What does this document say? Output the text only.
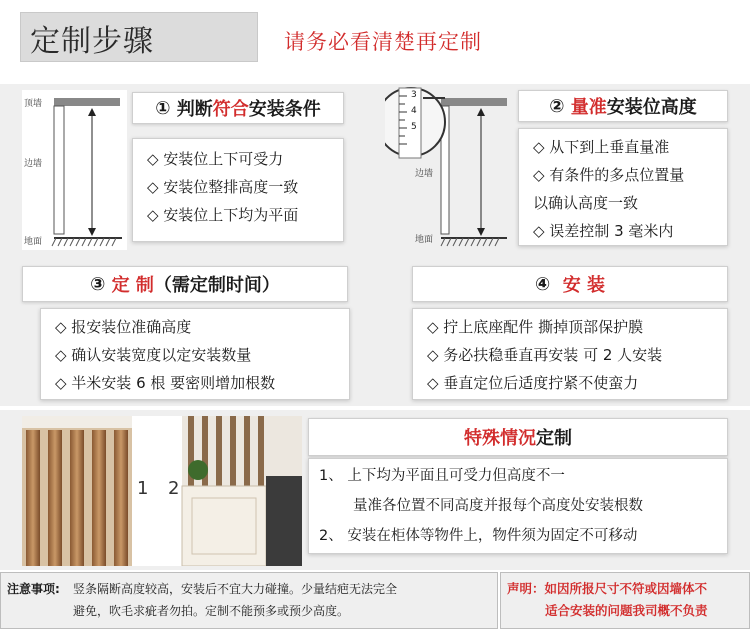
定制步骤	请务必看清楚再定制
顶墙
边墙
地面
①
判断 符合 安装条件
◇ 安装位上下可受力
◇ 安装位整排高度一致
◇ 安装位上下均为平面
3
4
5
边墙
地面
②
量准 安装位高度
◇ 从下到上垂直量准
◇ 有条件的多点位置量
以确认高度一致
◇ 误差控制 3 毫米内
③
定 制 （需定制时间）
◇ 报安装位准确高度
◇ 确认安装宽度以定安装数量
◇ 半米安装 6 根 要密则增加根数
④
安 装
◇ 拧上底座配件 撕掉顶部保护膜
◇ 务必扶稳垂直再安装 可 2 人安装
◇ 垂直定位后适度拧紧不使蛮力
1 2
特殊情况 定制
1、 上下均为平面且可受力但高度不一
量准各位置不同高度并报每个高度处安装根数
2、 安装在柜体等物件上，物件须为固定不可移动
注意事项: 竖条隔断高度较高，安装后不宜大力碰撞。少量结疤无法完全
避免，吹毛求疵者勿拍。定制不能预多或预少高度。
声明：如因所报尺寸不符或因墙体不
适合安装的问题我司概不负责
